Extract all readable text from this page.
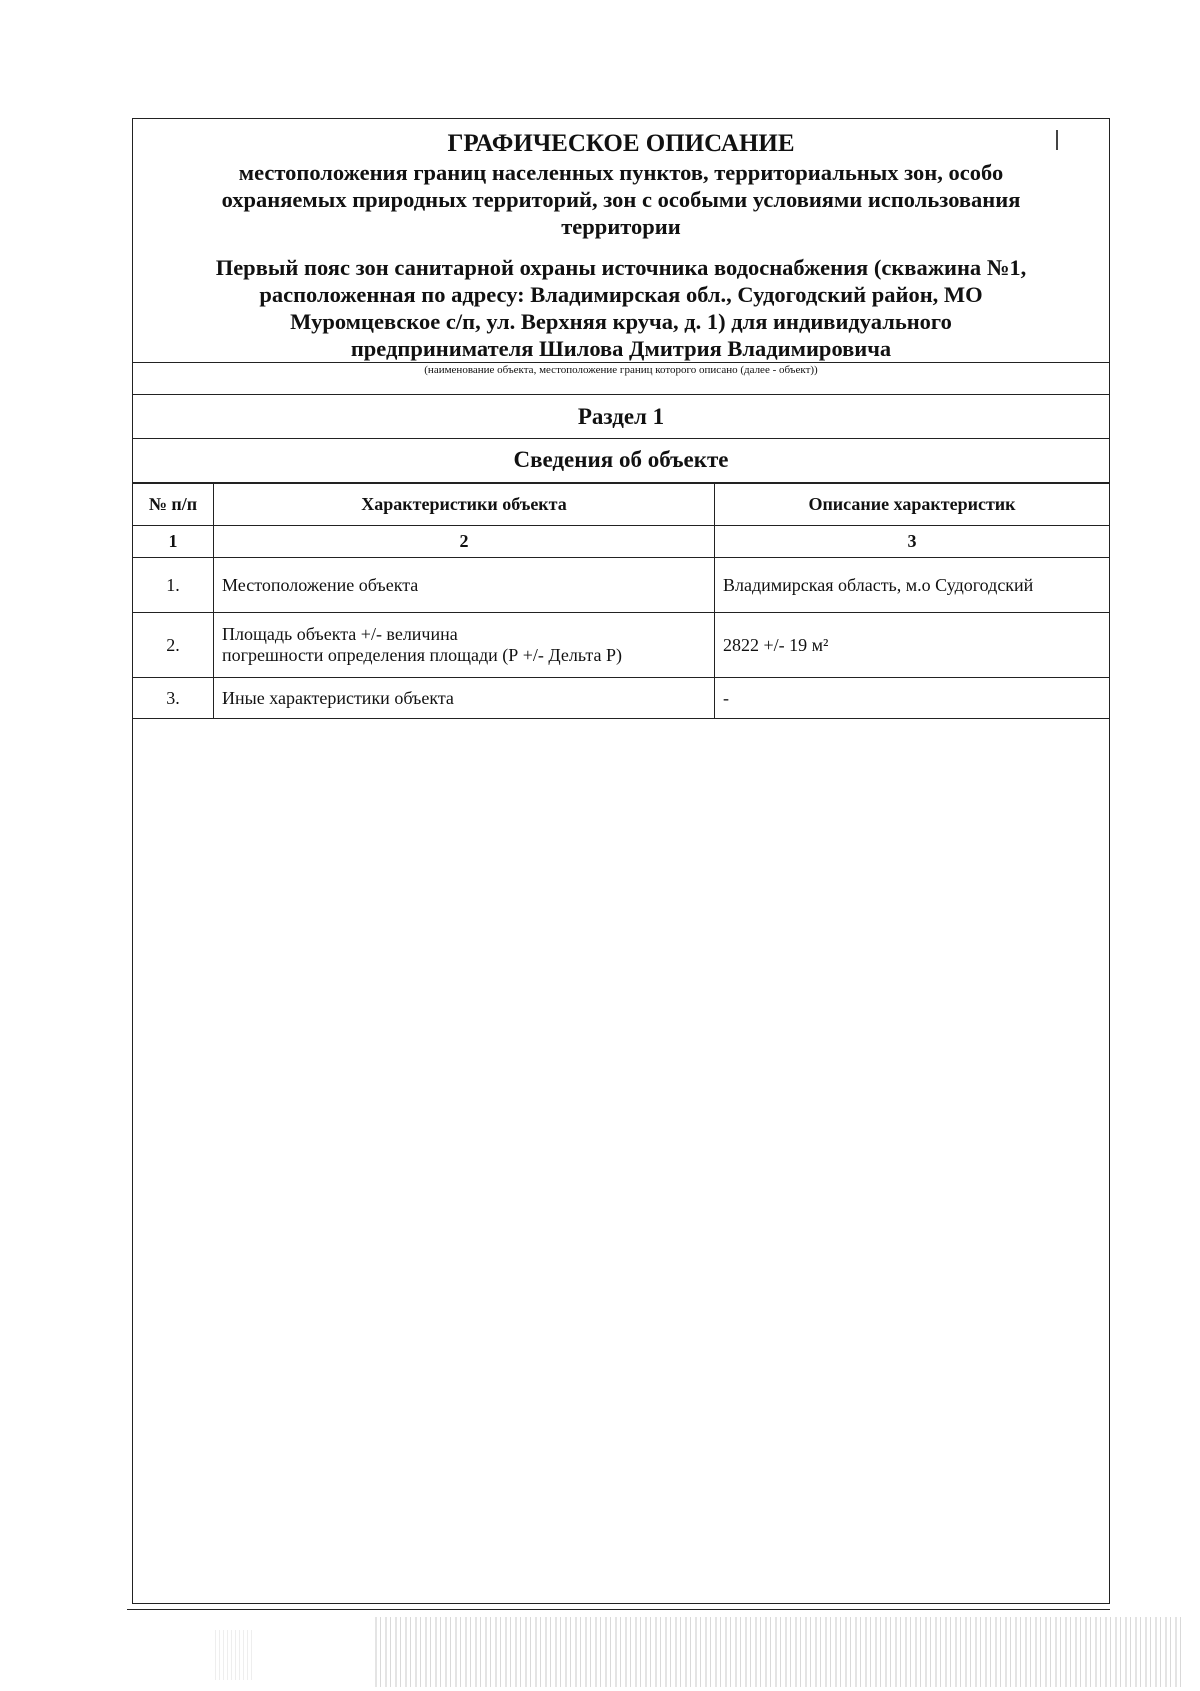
ГРАФИЧЕСКОЕ ОПИСАНИЕ
местоположения границ населенных пунктов, территориальных зон, особо
охраняемых природных территорий, зон с особыми условиями использования
территории
Первый пояс зон санитарной охраны источника водоснабжения (скважина №1,
расположенная по адресу: Владимирская обл., Судогодский район, МО
Муромцевское с/п, ул. Верхняя круча, д. 1) для индивидуального
предпринимателя Шилова Дмитрия Владимировича
(наименование объекта, местоположение границ которого описано (далее - объект))
Раздел 1
Сведения об объекте
№ п/п	Характеристики объекта	Описание характеристик
1	2	3
1.	Местоположение объекта	Владимирская область, м.о Судогодский
2.	Площадь объекта +/- величина
погрешности определения площади (Р +/- Дельта Р)	2822 +/- 19 м²
3.	Иные характеристики объекта	-
